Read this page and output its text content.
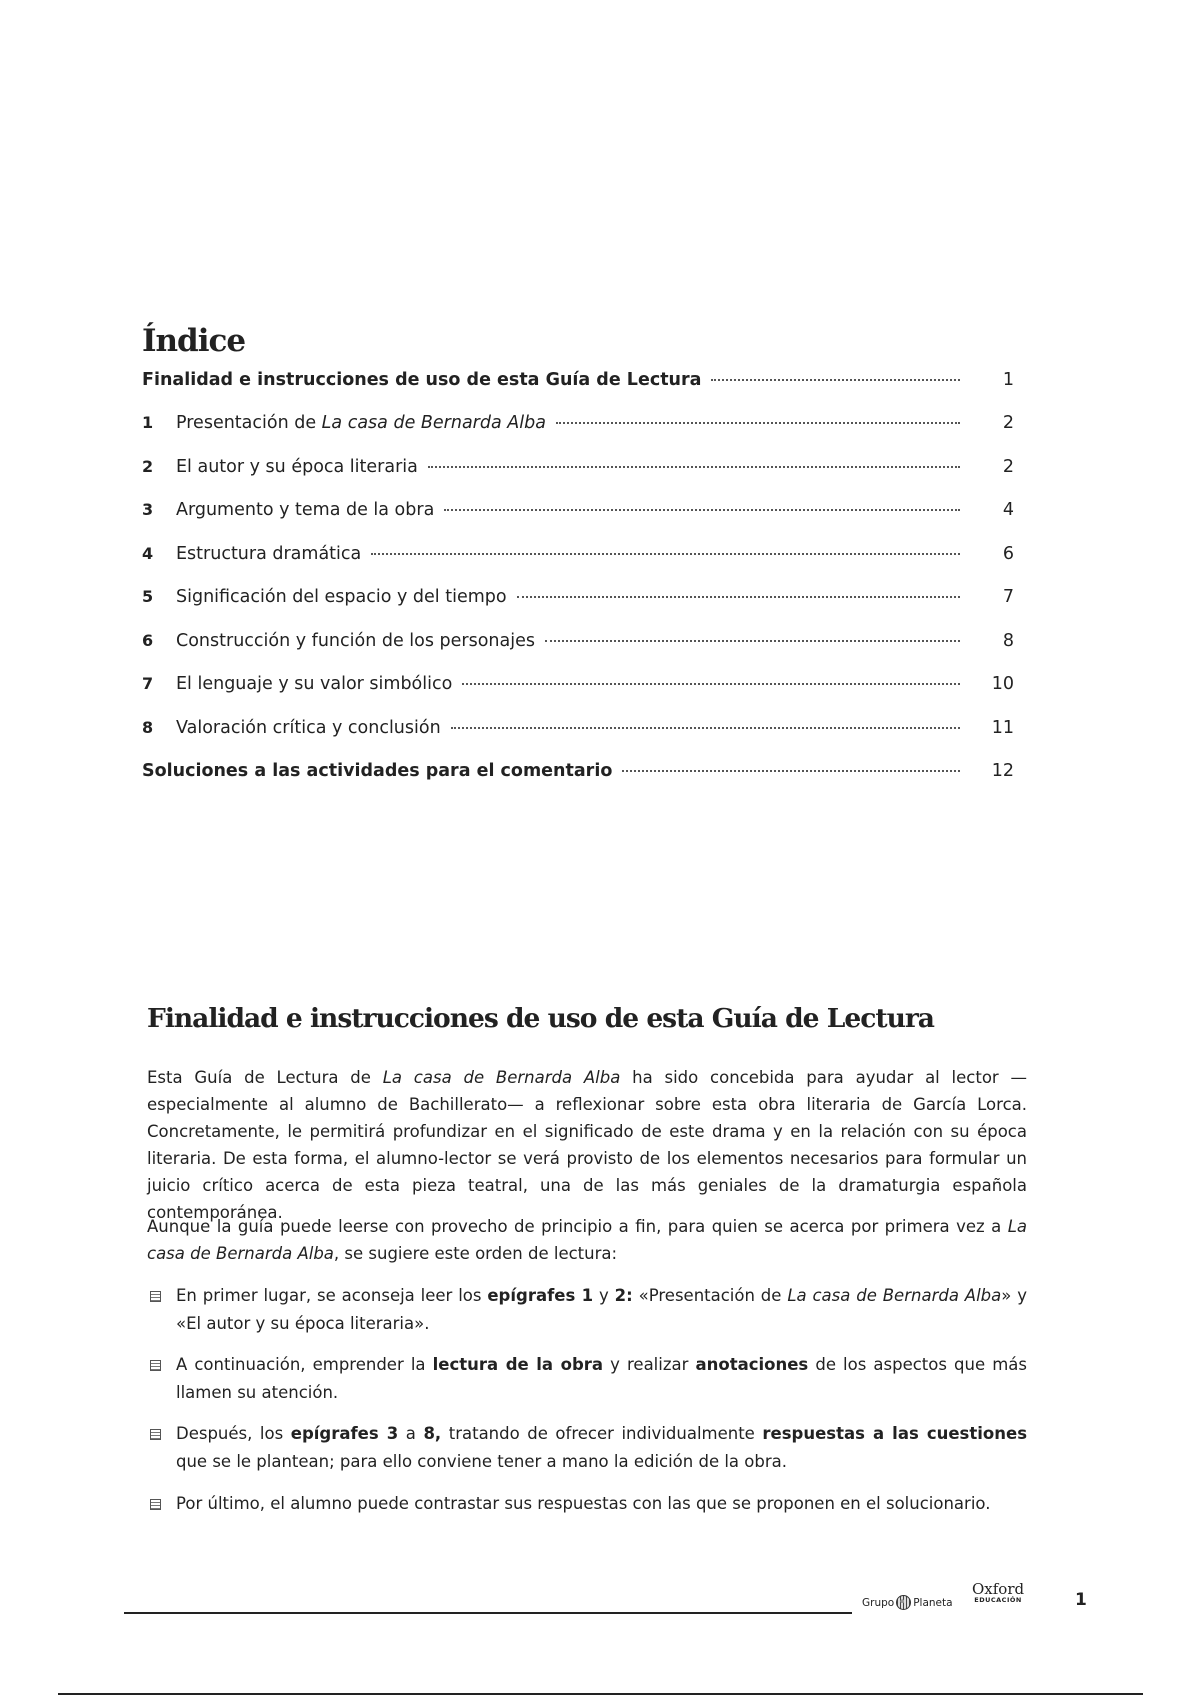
Índice
Finalidad e instrucciones de uso de esta Guía de Lectura	1
1	Presentación de La casa de Bernarda Alba	2
2	El autor y su época literaria	2
3	Argumento y tema de la obra	4
4	Estructura dramática	6
5	Significación del espacio y del tiempo	7
6	Construcción y función de los personajes	8
7	El lenguaje y su valor simbólico	10
8	Valoración crítica y conclusión	11
Soluciones a las actividades para el comentario	12
Finalidad e instrucciones de uso de esta Guía de Lectura

Esta Guía de Lectura de La casa de Bernarda Alba ha sido concebida para ayudar al lector —especialmente al alumno de Bachillerato— a reflexionar sobre esta obra literaria de García Lorca. Concretamente, le permitirá profundizar en el significado de este drama y en la relación con su época literaria. De esta forma, el alumno-lector se verá provisto de los elementos necesarios para formular un juicio crítico acerca de esta pieza teatral, una de las más geniales de la dramaturgia española contemporánea.

Aunque la guía puede leerse con provecho de principio a fin, para quien se acerca por primera vez a La casa de Bernarda Alba, se sugiere este orden de lectura:

En primer lugar, se aconseja leer los epígrafes 1 y 2: «Presentación de La casa de Bernarda Alba» y «El autor y su época literaria».
A continuación, emprender la lectura de la obra y realizar anotaciones de los aspectos que más llamen su atención.
Después, los epígrafes 3 a 8, tratando de ofrecer individualmente respuestas a las cuestiones que se le plantean; para ello conviene tener a mano la edición de la obra.
Por último, el alumno puede contrastar sus respuestas con las que se proponen en el solucionario.
Grupo Planeta
Oxford
EDUCACIÓN	1
